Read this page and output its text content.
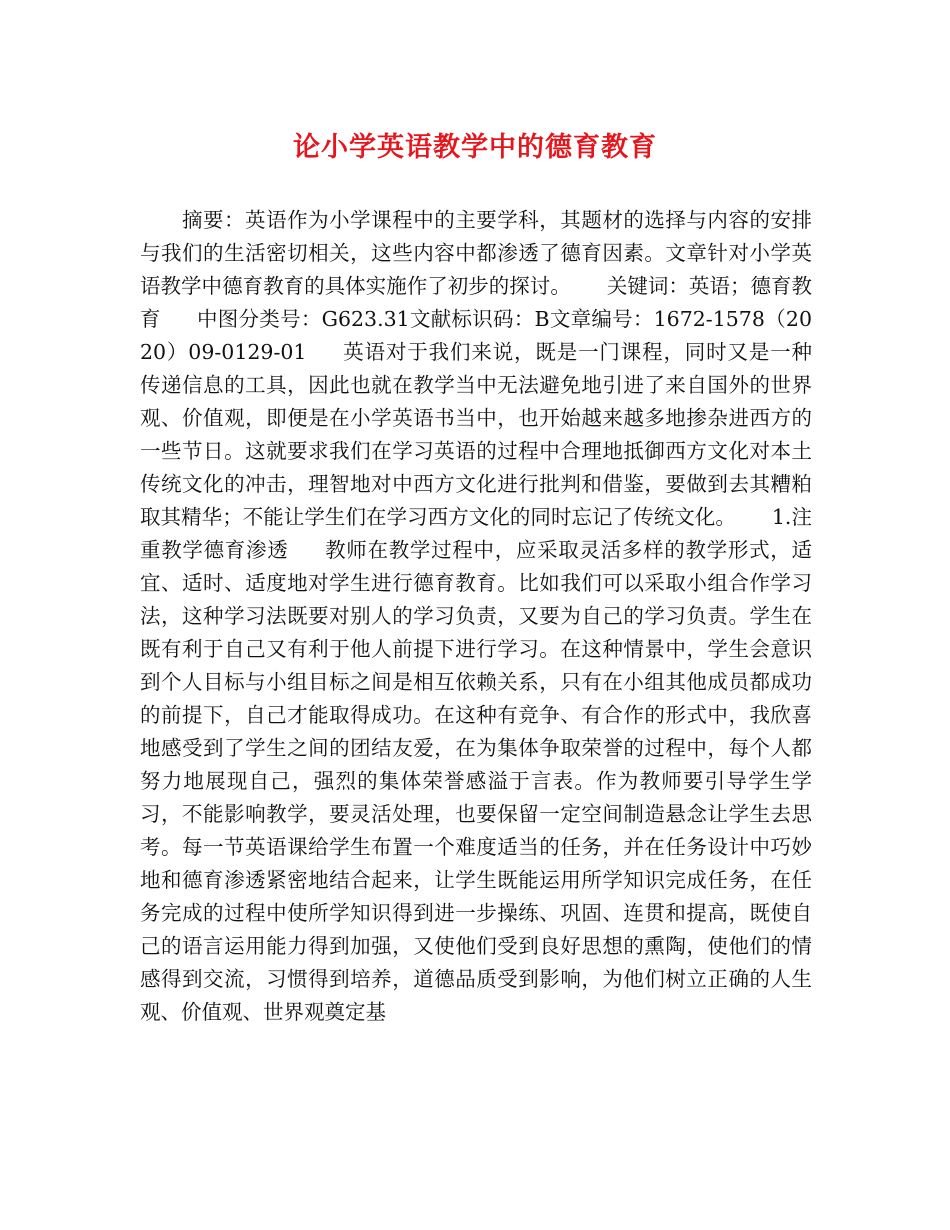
论小学英语教学中的德育教育

摘要：英语作为小学课程中的主要学科，其题材的选择与内容的安排与我们的生活密切相关，这些内容中都渗透了德育因素。文章针对小学英语教学中德育教育的具体实施作了初步的探讨。 关键词：英语；德育教育 中图分类号：G623.31文献标识码：B文章编号：1672-1578（2020）09-0129-01 英语对于我们来说，既是一门课程，同时又是一种传递信息的工具，因此也就在教学当中无法避免地引进了来自国外的世界观、价值观，即便是在小学英语书当中，也开始越来越多地掺杂进西方的一些节日。这就要求我们在学习英语的过程中合理地抵御西方文化对本土传统文化的冲击，理智地对中西方文化进行批判和借鉴，要做到去其糟粕取其精华；不能让学生们在学习西方文化的同时忘记了传统文化。 1.注重教学德育渗透 教师在教学过程中，应采取灵活多样的教学形式，适宜、适时、适度地对学生进行德育教育。比如我们可以采取小组合作学习法，这种学习法既要对别人的学习负责，又要为自己的学习负责。学生在既有利于自己又有利于他人前提下进行学习。在这种情景中，学生会意识到个人目标与小组目标之间是相互依赖关系，只有在小组其他成员都成功的前提下，自己才能取得成功。在这种有竞争、有合作的形式中，我欣喜地感受到了学生之间的团结友爱，在为集体争取荣誉的过程中，每个人都努力地展现自己，强烈的集体荣誉感溢于言表。作为教师要引导学生学习，不能影响教学，要灵活处理，也要保留一定空间制造悬念让学生去思考。每一节英语课给学生布置一个难度适当的任务，并在任务设计中巧妙地和德育渗透紧密地结合起来，让学生既能运用所学知识完成任务，在任务完成的过程中使所学知识得到进一步操练、巩固、连贯和提高，既使自己的语言运用能力得到加强，又使他们受到良好思想的熏陶，使他们的情感得到交流，习惯得到培养，道德品质受到影响，为他们树立正确的人生观、价值观、世界观奠定基
